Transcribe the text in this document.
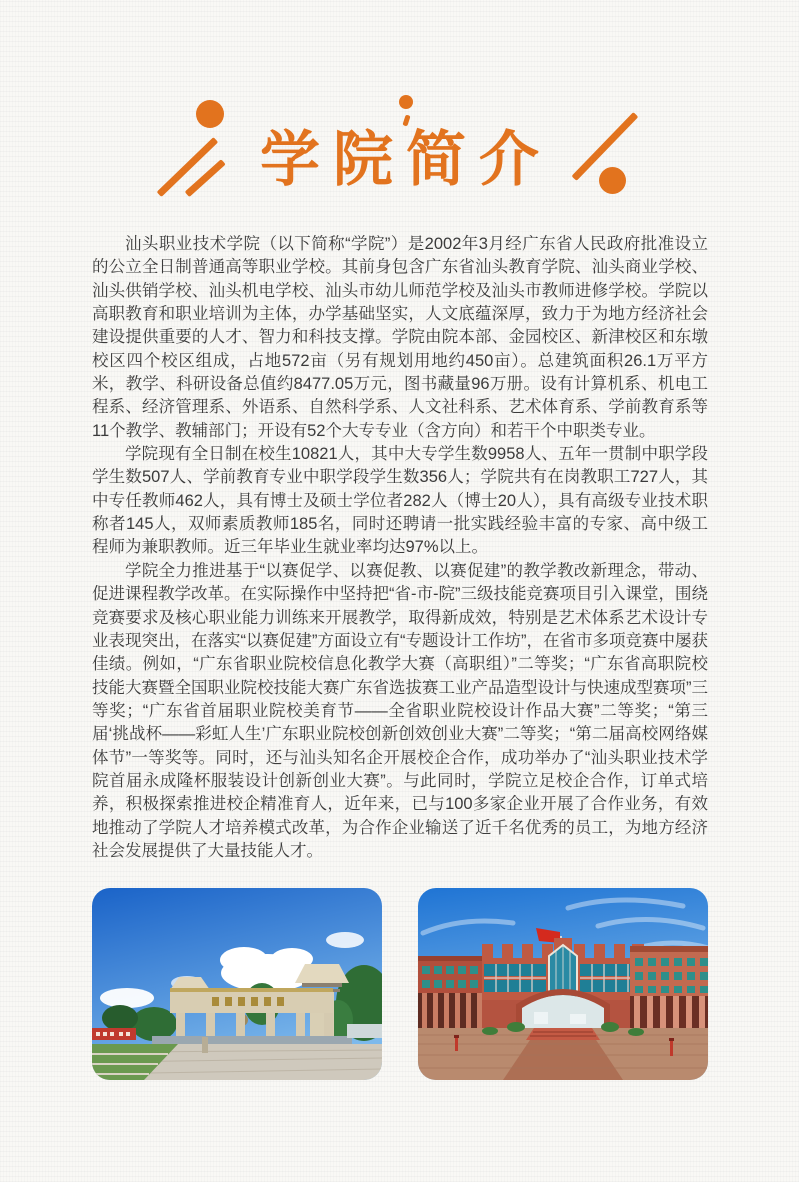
学院简介

汕头职业技术学院（以下简称“学院”）是2002年3月经广东省人民政府批准设立的公立全日制普通高等职业学校。其前身包含广东省汕头教育学院、汕头商业学校、汕头供销学校、汕头机电学校、汕头市幼儿师范学校及汕头市教师进修学校。学院以高职教育和职业培训为主体，办学基础坚实，人文底蕴深厚，致力于为地方经济社会建设提供重要的人才、智力和科技支撑。学院由院本部、金园校区、新津校区和东墩校区四个校区组成，占地572亩（另有规划用地约450亩）。总建筑面积26.1万平方米，教学、科研设备总值约8477.05万元，图书藏量96万册。设有计算机系、机电工程系、经济管理系、外语系、自然科学系、人文社科系、艺术体育系、学前教育系等11个教学、教辅部门；开设有52个大专专业（含方向）和若干个中职类专业。

学院现有全日制在校生10821人，其中大专学生数9958人、五年一贯制中职学段学生数507人、学前教育专业中职学段学生数356人；学院共有在岗教职工727人，其中专任教师462人，具有博士及硕士学位者282人（博士20人），具有高级专业技术职称者145人，双师素质教师185名，同时还聘请一批实践经验丰富的专家、高中级工程师为兼职教师。近三年毕业生就业率均达97%以上。

学院全力推进基于“以赛促学、以赛促教、以赛促建”的教学教改新理念，带动、促进课程教学改革。在实际操作中坚持把“省-市-院”三级技能竞赛项目引入课堂，围绕竞赛要求及核心职业能力训练来开展教学，取得新成效，特别是艺术体系艺术设计专业表现突出，在落实“以赛促建”方面设立有“专题设计工作坊”，在省市多项竞赛中屡获佳绩。例如，“广东省职业院校信息化教学大赛（高职组）”二等奖；“广东省高职院校技能大赛暨全国职业院校技能大赛广东省选拔赛工业产品造型设计与快速成型赛项”三等奖；“广东省首届职业院校美育节——全省职业院校设计作品大赛”二等奖；“第三届‘挑战杯——彩虹人生’广东职业院校创新创效创业大赛”二等奖；“第二届高校网络媒体节”一等奖等。同时，还与汕头知名企开展校企合作，成功举办了“汕头职业技术学院首届永成隆杯服装设计创新创业大赛”。与此同时，学院立足校企合作，订单式培养，积极探索推进校企精准育人，近年来，已与100多家企业开展了合作业务，有效地推动了学院人才培养模式改革，为合作企业输送了近千名优秀的员工，为地方经济社会发展提供了大量技能人才。
